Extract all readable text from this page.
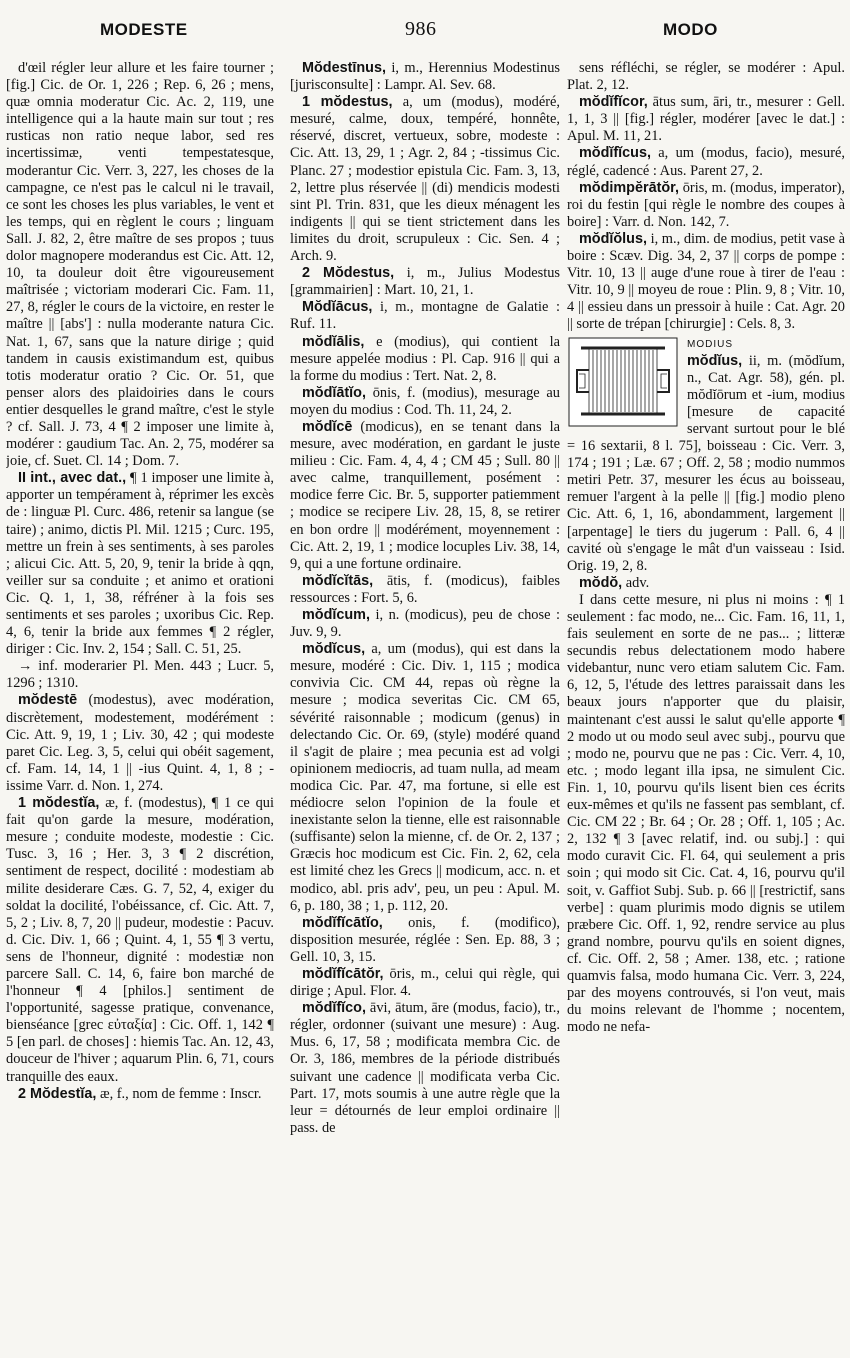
MODESTE	986	MODO

d'œil régler leur allure et les faire tourner ; [fig.] Cic. de Or. 1, 226 ; Rep. 6, 26 ; mens, quæ omnia moderatur Cic. Ac. 2, 119, une intelligence qui a la haute main sur tout ; res rusticas non ratio neque labor, sed res incertissimæ, venti tempestatesque, moderantur Cic. Verr. 3, 227, les choses de la campagne, ce n'est pas le calcul ni le travail, ce sont les choses les plus variables, le vent et les temps, qui en règlent le cours ; linguam Sall. J. 82, 2, être maître de ses propos ; tuus dolor magnopere moderandus est Cic. Att. 12, 10, ta douleur doit être vigoureusement maîtrisée ; victoriam moderari Cic. Fam. 11, 27, 8, régler le cours de la victoire, en rester le maître || [abs'] : nulla moderante natura Cic. Nat. 1, 67, sans que la nature dirige ; quid tandem in causis existimandum est, quibus totis moderatur oratio ? Cic. Or. 51, que penser alors des plaidoiries dans le cours entier desquelles le grand maître, c'est le style ? cf. Sall. J. 73, 4 ¶ 2 imposer une limite à, modérer : gaudium Tac. An. 2, 75, modérer sa joie, cf. Suet. Cl. 14 ; Dom. 7.

II int., avec dat., ¶ 1 imposer une limite à, apporter un tempérament à, réprimer les excès de : linguæ Pl. Curc. 486, retenir sa langue (se taire) ; animo, dictis Pl. Mil. 1215 ; Curc. 195, mettre un frein à ses sentiments, à ses paroles ; alicui Cic. Att. 5, 20, 9, tenir la bride à qqn, veiller sur sa conduite ; et animo et orationi Cic. Q. 1, 1, 38, réfréner à la fois ses sentiments et ses paroles ; uxoribus Cic. Rep. 4, 6, tenir la bride aux femmes ¶ 2 régler, diriger : Cic. Inv. 2, 154 ; Sall. C. 51, 25.

→ inf. moderarier Pl. Men. 443 ; Lucr. 5, 1296 ; 1310.

mŏdestē (modestus), avec modération, discrètement, modestement, modérément : Cic. Att. 9, 19, 1 ; Liv. 30, 42 ; qui modeste paret Cic. Leg. 3, 5, celui qui obéit sagement, cf. Fam. 14, 14, 1 || -ius Quint. 4, 1, 8 ; -issime Varr. d. Non. 1, 274.

1 mŏdestĭa, æ, f. (modestus), ¶ 1 ce qui fait qu'on garde la mesure, modération, mesure ; conduite modeste, modestie : Cic. Tusc. 3, 16 ; Her. 3, 3 ¶ 2 discrétion, sentiment de respect, docilité : modestiam ab milite desiderare Cæs. G. 7, 52, 4, exiger du soldat la docilité, l'obéissance, cf. Cic. Att. 7, 5, 2 ; Liv. 8, 7, 20 || pudeur, modestie : Pacuv. d. Cic. Div. 1, 66 ; Quint. 4, 1, 55 ¶ 3 vertu, sens de l'honneur, dignité : modestiæ non parcere Sall. C. 14, 6, faire bon marché de l'honneur ¶ 4 [philos.] sentiment de l'opportunité, sagesse pratique, convenance, bienséance [grec εὐταξία] : Cic. Off. 1, 142 ¶ 5 [en parl. de choses] : hiemis Tac. An. 12, 43, douceur de l'hiver ; aquarum Plin. 6, 71, cours tranquille des eaux.

2 Mŏdestĭa, æ, f., nom de femme : Inscr.

Mŏdestīnus, i, m., Herennius Modestinus [jurisconsulte] : Lampr. Al. Sev. 68.

1 mŏdestus, a, um (modus), modéré, mesuré, calme, doux, tempéré, honnête, réservé, discret, vertueux, sobre, modeste : Cic. Att. 13, 29, 1 ; Agr. 2, 84 ; -tissimus Cic. Planc. 27 ; modestior epistula Cic. Fam. 3, 13, 2, lettre plus réservée || (di) mendicis modesti sint Pl. Trin. 831, que les dieux ménagent les indigents || qui se tient strictement dans les limites du droit, scrupuleux : Cic. Sen. 4 ; Arch. 9.

2 Mŏdestus, i, m., Julius Modestus [grammairien] : Mart. 10, 21, 1.

Mŏdĭācus, i, m., montagne de Galatie : Ruf. 11.

mŏdĭālis, e (modius), qui contient la mesure appelée modius : Pl. Cap. 916 || qui a la forme du modius : Tert. Nat. 2, 8.

mŏdĭātĭo, ōnis, f. (modius), mesurage au moyen du modius : Cod. Th. 11, 24, 2.

mŏdĭcē (modicus), en se tenant dans la mesure, avec modération, en gardant le juste milieu : Cic. Fam. 4, 4, 4 ; CM 45 ; Sull. 80 || avec calme, tranquillement, posément : modice ferre Cic. Br. 5, supporter patiemment ; modice se recipere Liv. 28, 15, 8, se retirer en bon ordre || modérément, moyennement : Cic. Att. 2, 19, 1 ; modice locuples Liv. 38, 14, 9, qui a une fortune ordinaire.

mŏdĭcĭtās, ātis, f. (modicus), faibles ressources : Fort. 5, 6.

mŏdĭcum, i, n. (modicus), peu de chose : Juv. 9, 9.

mŏdĭcus, a, um (modus), qui est dans la mesure, modéré : Cic. Div. 1, 115 ; modica convivia Cic. CM 44, repas où règne la mesure ; modica severitas Cic. CM 65, sévérité raisonnable ; modicum (genus) in delectando Cic. Or. 69, (style) modéré quand il s'agit de plaire ; mea pecunia est ad volgi opinionem mediocris, ad tuam nulla, ad meam modica Cic. Par. 47, ma fortune, si elle est médiocre selon l'opinion de la foule et inexistante selon la tienne, elle est raisonnable (suffisante) selon la mienne, cf. de Or. 2, 137 ; Græcis hoc modicum est Cic. Fin. 2, 62, cela est limité chez les Grecs || modicum, acc. n. et modico, abl. pris adv', peu, un peu : Apul. M. 6, p. 180, 38 ; 1, p. 112, 20.

mŏdĭfĭcātĭo, onis, f. (modifico), disposition mesurée, réglée : Sen. Ep. 88, 3 ; Gell. 10, 3, 15.

mŏdĭfĭcātŏr, ōris, m., celui qui règle, qui dirige ; Apul. Flor. 4.

mŏdĭfĭco, āvi, ātum, āre (modus, facio), tr., régler, ordonner (suivant une mesure) : Aug. Mus. 6, 17, 58 ; modificata membra Cic. de Or. 3, 186, membres de la période distribués suivant une cadence || modificata verba Cic. Part. 17, mots soumis à une autre règle que la leur = détournés de leur emploi ordinaire || pass. de

sens réfléchi, se régler, se modérer : Apul. Plat. 2, 12.

mŏdĭfĭcor, ātus sum, āri, tr., mesurer : Gell. 1, 1, 3 || [fig.] régler, modérer [avec le dat.] : Apul. M. 11, 21.

mŏdĭfĭcus, a, um (modus, facio), mesuré, réglé, cadencé : Aus. Parent 27, 2.

mŏdimpĕrātŏr, ōris, m. (modus, imperator), roi du festin [qui règle le nombre des coupes à boire] : Varr. d. Non. 142, 7.

mŏdĭŏlus, i, m., dim. de modius, petit vase à boire : Scæv. Dig. 34, 2, 37 || corps de pompe : Vitr. 10, 13 || auge d'une roue à tirer de l'eau : Vitr. 10, 9 || moyeu de roue : Plin. 9, 8 ; Vitr. 10, 4 || essieu dans un pressoir à huile : Cat. Agr. 20 || sorte de trépan [chirurgie] : Cels. 8, 3.

MODIUS
mŏdĭus, ii, m. (mŏdĭum, n., Cat. Agr. 58), gén. pl. mŏdĭōrum et -ium, modius [mesure de capacité servant surtout pour le blé = 16 sextarii, 8 l. 75], boisseau : Cic. Verr. 3, 174 ; 191 ; Læ. 67 ; Off. 2, 58 ; modio nummos metiri Petr. 37, mesurer les écus au boisseau, remuer l'argent à la pelle || [fig.] modio pleno Cic. Att. 6, 1, 16, abondamment, largement || [arpentage] le tiers du jugerum : Pall. 6, 4 || cavité où s'engage le mât d'un vaisseau : Isid. Orig. 19, 2, 8.

mŏdŏ, adv.

I dans cette mesure, ni plus ni moins : ¶ 1 seulement : fac modo, ne... Cic. Fam. 16, 11, 1, fais seulement en sorte de ne pas... ; litteræ secundis rebus delectationem modo habere videbantur, nunc vero etiam salutem Cic. Fam. 6, 12, 5, l'étude des lettres paraissait dans les beaux jours n'apporter que du plaisir, maintenant c'est aussi le salut qu'elle apporte ¶ 2 modo ut ou modo seul avec subj., pourvu que ; modo ne, pourvu que ne pas : Cic. Verr. 4, 10, etc. ; modo legant illa ipsa, ne simulent Cic. Fin. 1, 10, pourvu qu'ils lisent bien ces écrits eux-mêmes et qu'ils ne fassent pas semblant, cf. Cic. CM 22 ; Br. 64 ; Or. 28 ; Off. 1, 105 ; Ac. 2, 132 ¶ 3 [avec relatif, ind. ou subj.] : qui modo curavit Cic. Fl. 64, qui seulement a pris soin ; qui modo sit Cic. Cat. 4, 16, pourvu qu'il soit, v. Gaffiot Subj. Sub. p. 66 || [restrictif, sans verbe] : quam plurimis modo dignis se utilem præbere Cic. Off. 1, 92, rendre service au plus grand nombre, pourvu qu'ils en soient dignes, cf. Cic. Off. 2, 58 ; Amer. 138, etc. ; ratione quamvis falsa, modo humana Cic. Verr. 3, 224, par des moyens controuvés, si l'on veut, mais du moins relevant de l'homme ; nocentem, modo ne nefa-
